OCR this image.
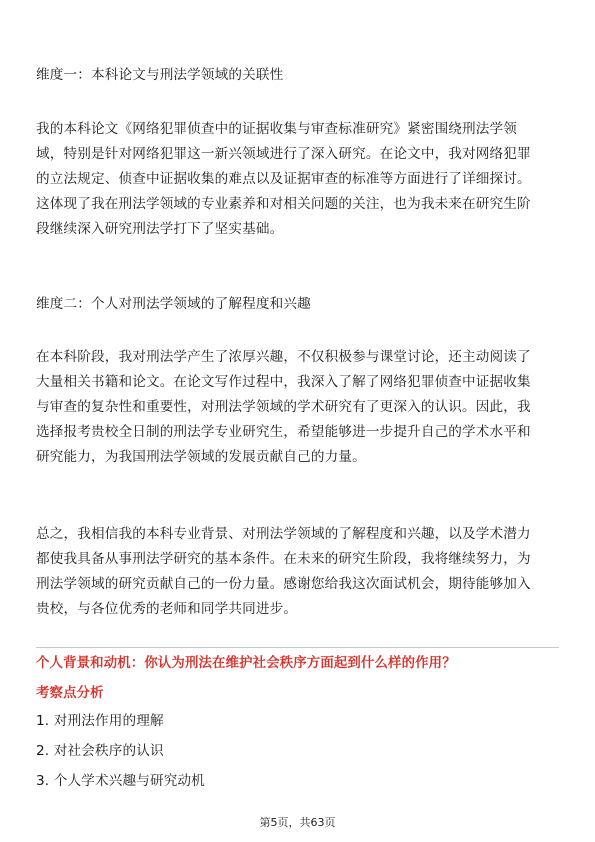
维度一：本科论文与刑法学领域的关联性
我的本科论文《网络犯罪侦查中的证据收集与审查标准研究》紧密围绕刑法学领
域，特别是针对网络犯罪这一新兴领域进行了深入研究。在论文中，我对网络犯罪
的立法规定、侦查中证据收集的难点以及证据审查的标准等方面进行了详细探讨。
这体现了我在刑法学领域的专业素养和对相关问题的关注，也为我未来在研究生阶
段继续深入研究刑法学打下了坚实基础。
维度二：个人对刑法学领域的了解程度和兴趣
在本科阶段，我对刑法学产生了浓厚兴趣，不仅积极参与课堂讨论，还主动阅读了
大量相关书籍和论文。在论文写作过程中，我深入了解了网络犯罪侦查中证据收集
与审查的复杂性和重要性，对刑法学领域的学术研究有了更深入的认识。因此，我
选择报考贵校全日制的刑法学专业研究生，希望能够进一步提升自己的学术水平和
研究能力，为我国刑法学领域的发展贡献自己的力量。
总之，我相信我的本科专业背景、对刑法学领域的了解程度和兴趣，以及学术潜力
都使我具备从事刑法学研究的基本条件。在未来的研究生阶段，我将继续努力，为
刑法学领域的研究贡献自己的一份力量。感谢您给我这次面试机会，期待能够加入
贵校，与各位优秀的老师和同学共同进步。
个人背景和动机：你认为刑法在维护社会秩序方面起到什么样的作用？
考察点分析
1. 对刑法作用的理解
2. 对社会秩序的认识
3. 个人学术兴趣与研究动机
第5页，共63页
